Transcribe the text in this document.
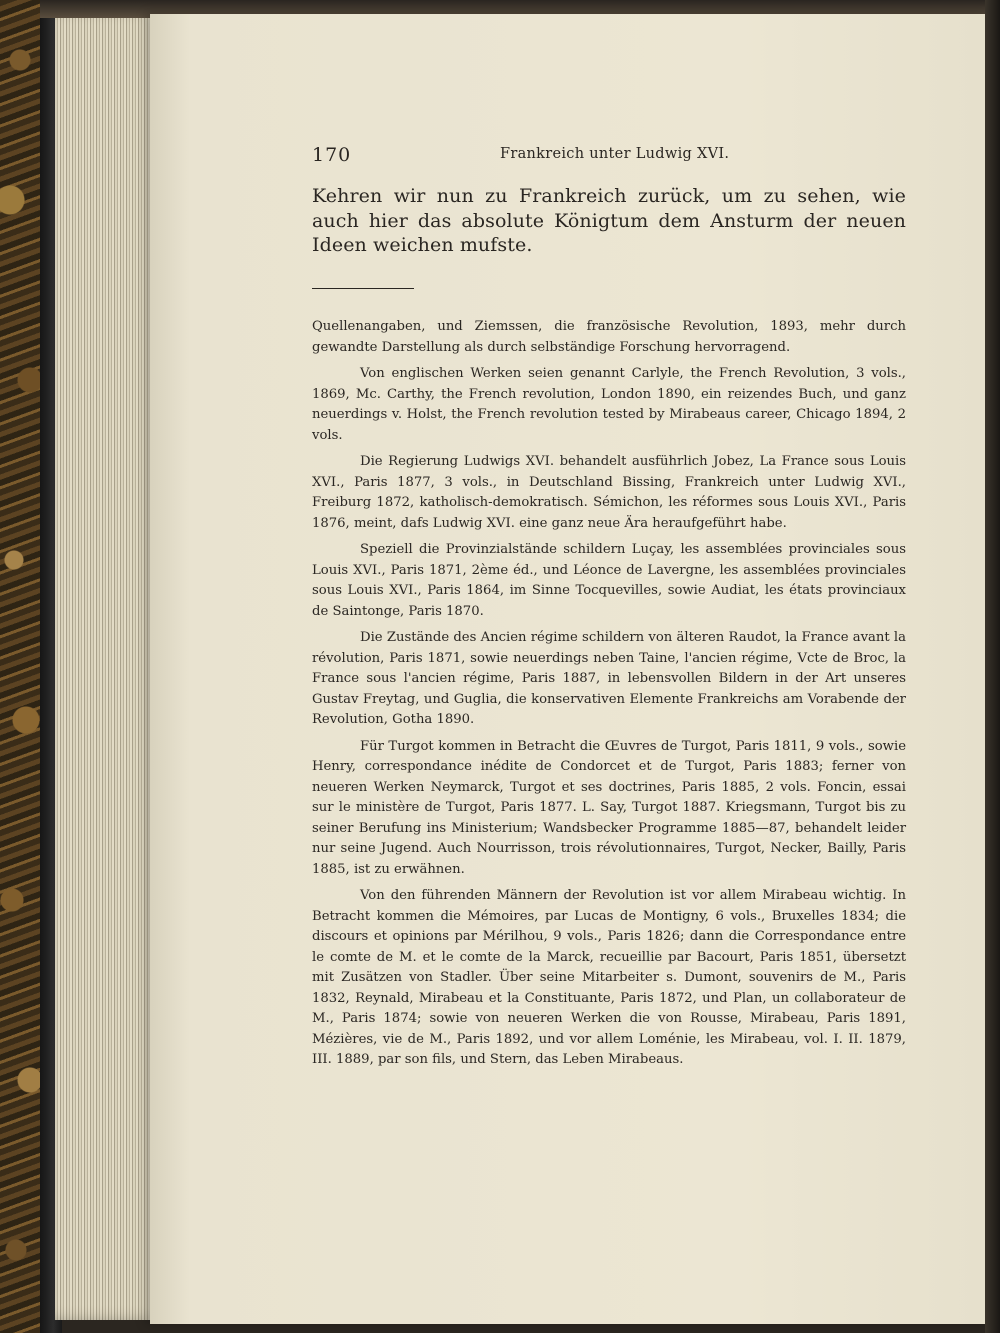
170	Frankreich unter Ludwig XVI.

Kehren wir nun zu Frankreich zurück, um zu sehen, wie auch hier das absolute Königtum dem Ansturm der neuen Ideen weichen mufste.

Quellenangaben, und Ziemssen, die französische Revolution, 1893, mehr durch gewandte Darstellung als durch selbständige Forschung hervorragend.

Von englischen Werken seien genannt Carlyle, the French Revolution, 3 vols., 1869, Mc. Carthy, the French revolution, London 1890, ein reizendes Buch, und ganz neuerdings v. Holst, the French revolution tested by Mirabeaus career, Chicago 1894, 2 vols.

Die Regierung Ludwigs XVI. behandelt ausführlich Jobez, La France sous Louis XVI., Paris 1877, 3 vols., in Deutschland Bissing, Frankreich unter Ludwig XVI., Freiburg 1872, katholisch-demokratisch. Sémichon, les réformes sous Louis XVI., Paris 1876, meint, dafs Ludwig XVI. eine ganz neue Ära heraufgeführt habe.

Speziell die Provinzialstände schildern Luçay, les assemblées provinciales sous Louis XVI., Paris 1871, 2ème éd., und Léonce de Lavergne, les assemblées provinciales sous Louis XVI., Paris 1864, im Sinne Tocquevilles, sowie Audiat, les états provinciaux de Saintonge, Paris 1870.

Die Zustände des Ancien régime schildern von älteren Raudot, la France avant la révolution, Paris 1871, sowie neuerdings neben Taine, l'ancien régime, Vcte de Broc, la France sous l'ancien régime, Paris 1887, in lebensvollen Bildern in der Art unseres Gustav Freytag, und Guglia, die konservativen Elemente Frankreichs am Vorabende der Revolution, Gotha 1890.

Für Turgot kommen in Betracht die Œuvres de Turgot, Paris 1811, 9 vols., sowie Henry, correspondance inédite de Condorcet et de Turgot, Paris 1883; ferner von neueren Werken Neymarck, Turgot et ses doctrines, Paris 1885, 2 vols. Foncin, essai sur le ministère de Turgot, Paris 1877. L. Say, Turgot 1887. Kriegsmann, Turgot bis zu seiner Berufung ins Ministerium; Wandsbecker Programme 1885—87, behandelt leider nur seine Jugend. Auch Nourrisson, trois révolutionnaires, Turgot, Necker, Bailly, Paris 1885, ist zu erwähnen.

Von den führenden Männern der Revolution ist vor allem Mirabeau wichtig. In Betracht kommen die Mémoires, par Lucas de Montigny, 6 vols., Bruxelles 1834; die discours et opinions par Mérilhou, 9 vols., Paris 1826; dann die Correspondance entre le comte de M. et le comte de la Marck, recueillie par Bacourt, Paris 1851, übersetzt mit Zusätzen von Stadler. Über seine Mitarbeiter s. Dumont, souvenirs de M., Paris 1832, Reynald, Mirabeau et la Constituante, Paris 1872, und Plan, un collaborateur de M., Paris 1874; sowie von neueren Werken die von Rousse, Mirabeau, Paris 1891, Mézières, vie de M., Paris 1892, und vor allem Loménie, les Mirabeau, vol. I. II. 1879, III. 1889, par son fils, und Stern, das Leben Mirabeaus.
